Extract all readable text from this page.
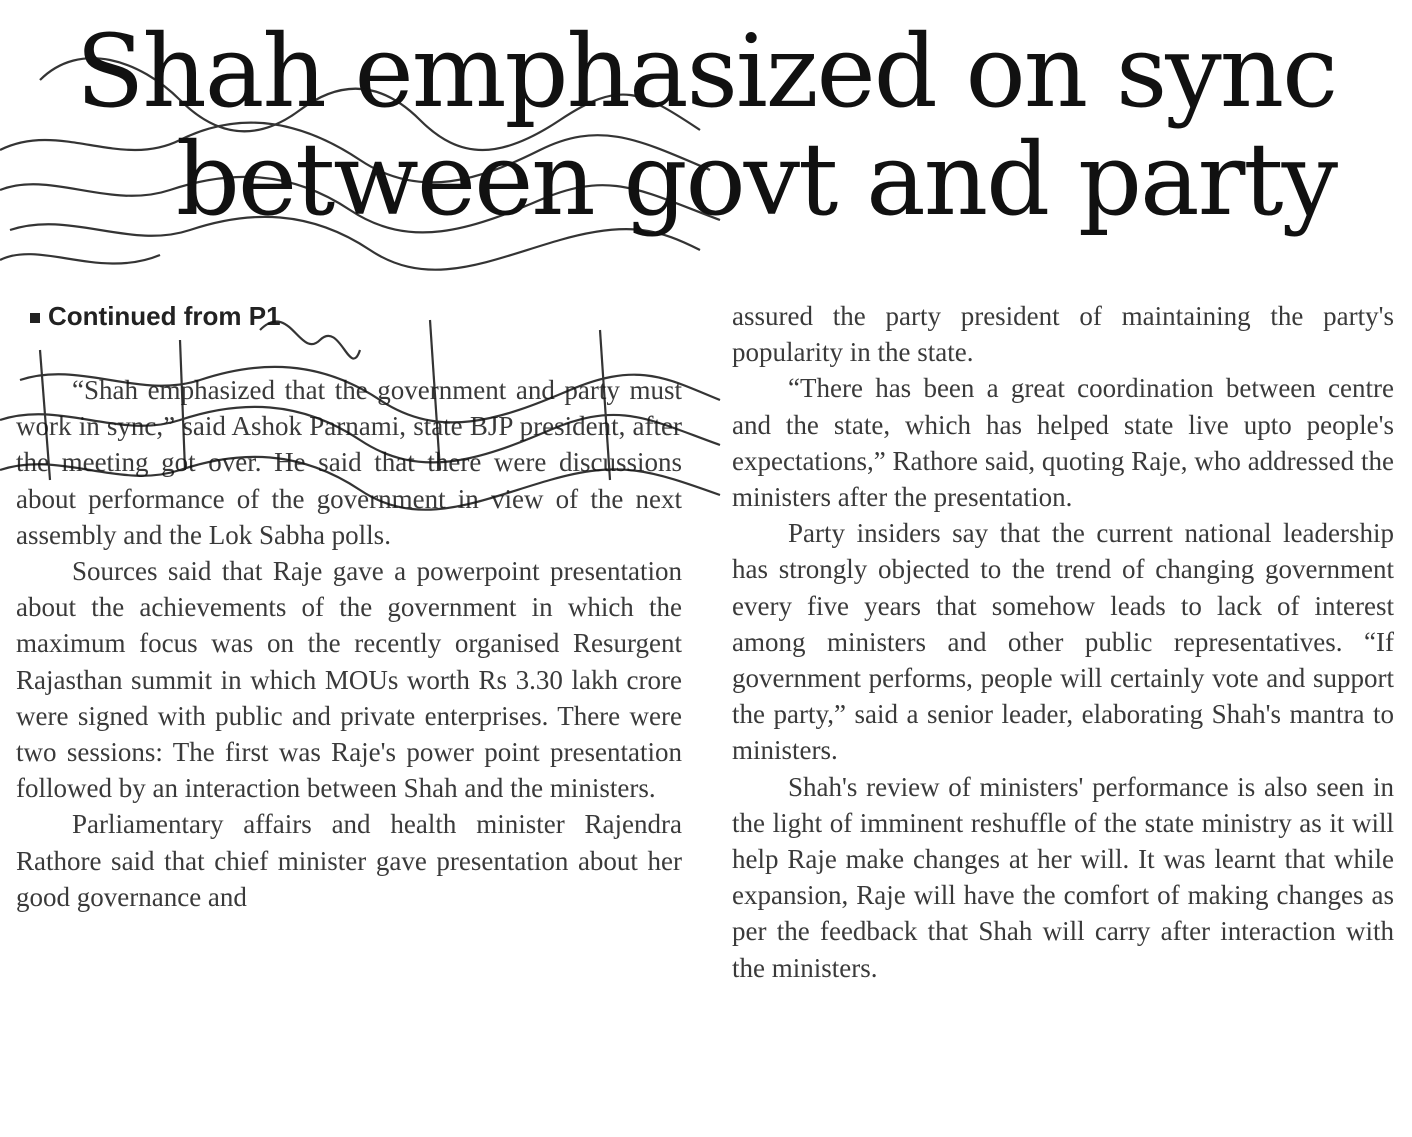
Shah emphasized on sync
between govt and party

Continued from P1

“Shah emphasized that the government and party must work in sync,” said Ashok Parnami, state BJP president, after the meeting got over. He said that there were discussions about performance of the government in view of the next assembly and the Lok Sabha polls.

Sources said that Raje gave a powerpoint presentation about the achievements of the government in which the maximum focus was on the recently organised Resurgent Rajasthan summit in which MOUs worth Rs 3.30 lakh crore were signed with public and private enterprises. There were two sessions: The first was Raje's power point presentation followed by an interaction between Shah and the ministers.

Parliamentary affairs and health minister Rajendra Rathore said that chief minister gave presentation about her good governance and

assured the party president of maintaining the party's popularity in the state.

“There has been a great coordination between centre and the state, which has helped state live upto people's expectations,” Rathore said, quoting Raje, who addressed the ministers after the presentation.

Party insiders say that the current national leadership has strongly objected to the trend of changing government every five years that somehow leads to lack of interest among ministers and other public representatives. “If government performs, people will certainly vote and support the party,” said a senior leader, elaborating Shah's mantra to ministers.

Shah's review of ministers' performance is also seen in the light of imminent reshuffle of the state ministry as it will help Raje make changes at her will. It was learnt that while expansion, Raje will have the comfort of making changes as per the feedback that Shah will carry after interaction with the ministers.
